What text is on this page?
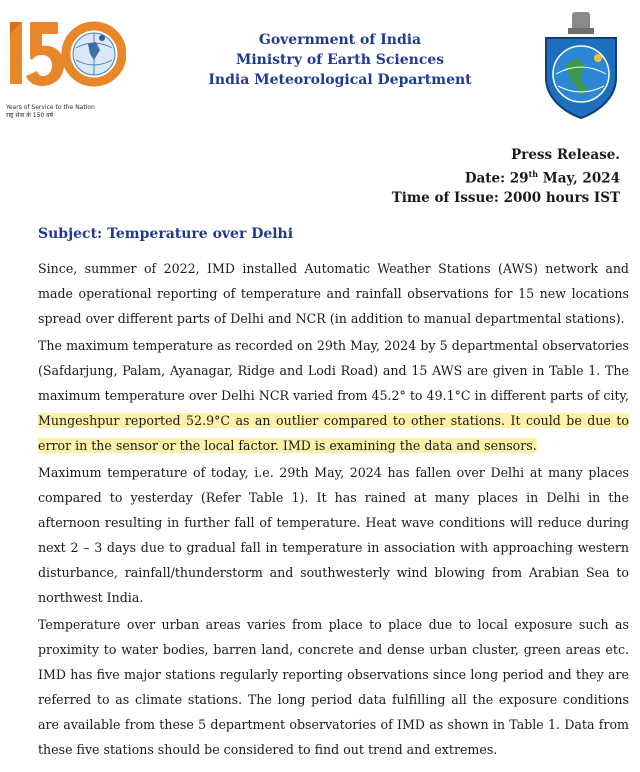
Years of Service to the Nation
राष्ट्र सेवा के 150 वर्ष
Government of India
Ministry of Earth Sciences
India Meteorological Department
Press Release.
Date: 29th May, 2024
Time of Issue: 2000 hours IST
Subject: Temperature over Delhi

Since, summer of 2022, IMD installed Automatic Weather Stations (AWS) network and made operational reporting of temperature and rainfall observations for 15 new locations spread over different parts of Delhi and NCR (in addition to manual departmental stations).

The maximum temperature as recorded on 29th May, 2024 by 5 departmental observatories (Safdarjung, Palam, Ayanagar, Ridge and Lodi Road) and 15 AWS are given in Table 1. The maximum temperature over Delhi NCR varied from 45.2° to 49.1°C in different parts of city, Mungeshpur reported 52.9°C as an outlier compared to other stations. It could be due to error in the sensor or the local factor. IMD is examining the data and sensors.

Maximum temperature of today, i.e. 29th May, 2024 has fallen over Delhi at many places compared to yesterday (Refer Table 1). It has rained at many places in Delhi in the afternoon resulting in further fall of temperature. Heat wave conditions will reduce during next 2 – 3 days due to gradual fall in temperature in association with approaching western disturbance, rainfall/thunderstorm and southwesterly wind blowing from Arabian Sea to northwest India.

Temperature over urban areas varies from place to place due to local exposure such as proximity to water bodies, barren land, concrete and dense urban cluster, green areas etc. IMD has five major stations regularly reporting observations since long period and they are referred to as climate stations. The long period data fulfilling all the exposure conditions are available from these 5 department observatories of IMD as shown in Table 1. Data from these five stations should be considered to find out trend and extremes.
